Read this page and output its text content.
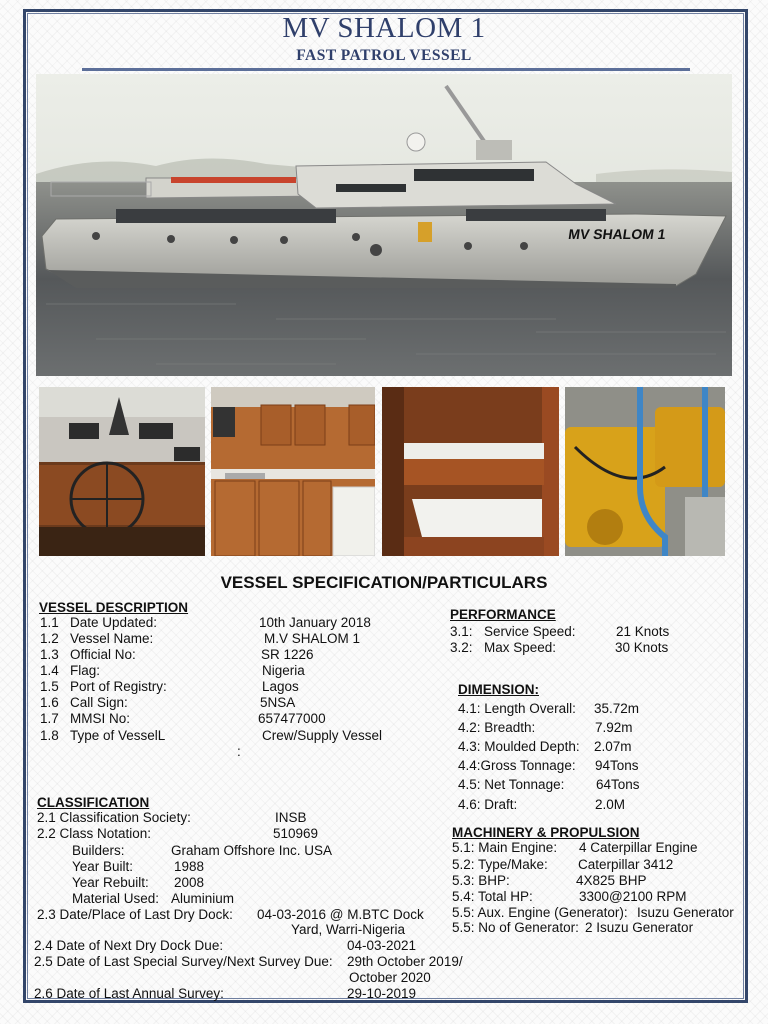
MV SHALOM 1
FAST PATROL VESSEL
MV SHALOM 1
VESSEL SPECIFICATION/PARTICULARS
VESSEL DESCRIPTION
1.1 Date Updated:	10th January 2018
1.2 Vessel Name:	M.V SHALOM 1
1.3 Official No:	SR 1226
1.4 Flag:	Nigeria
1.5 Port of Registry:	Lagos
1.6 Call Sign:	5NSA
1.7 MMSI No:	657477000
1.8 Type of VesselL	Crew/Supply Vessel
:
CLASSIFICATION
2.1 Classification Society:	INSB
2.2 Class Notation:	510969
Builders:	Graham Offshore Inc. USA
Year Built:	1988
Year Rebuilt: 2008
Material Used: Aluminium
2.3 Date/Place of Last Dry Dock: 04-03-2016 @ M.BTC Dock
Yard, Warri-Nigeria
2.4 Date of Next Dry Dock Due:	04-03-2021
2.5 Date of Last Special Survey/Next Survey Due: 29th October 2019/
October 2020
2.6 Date of Last Annual Survey:	29-10-2019
PERFORMANCE
3.1: Service Speed:	21 Knots
3.2: Max Speed:	30 Knots
DIMENSION:
4.1: Length Overall: 35.72m
4.2: Breadth:	7.92m
4.3: Moulded Depth: 2.07m
4.4:Gross Tonnage: 94Tons
4.5: Net Tonnage: 64Tons
4.6: Draft:	2.0M
MACHINERY & PROPULSION
5.1: Main Engine: 4 Caterpillar Engine
5.2: Type/Make: Caterpillar 3412
5.3: BHP:	4X825 BHP
5.4: Total HP:	3300@2100 RPM
5.5: Aux. Engine (Generator): Isuzu Generator
5.5: No of Generator: 2 Isuzu Generator
